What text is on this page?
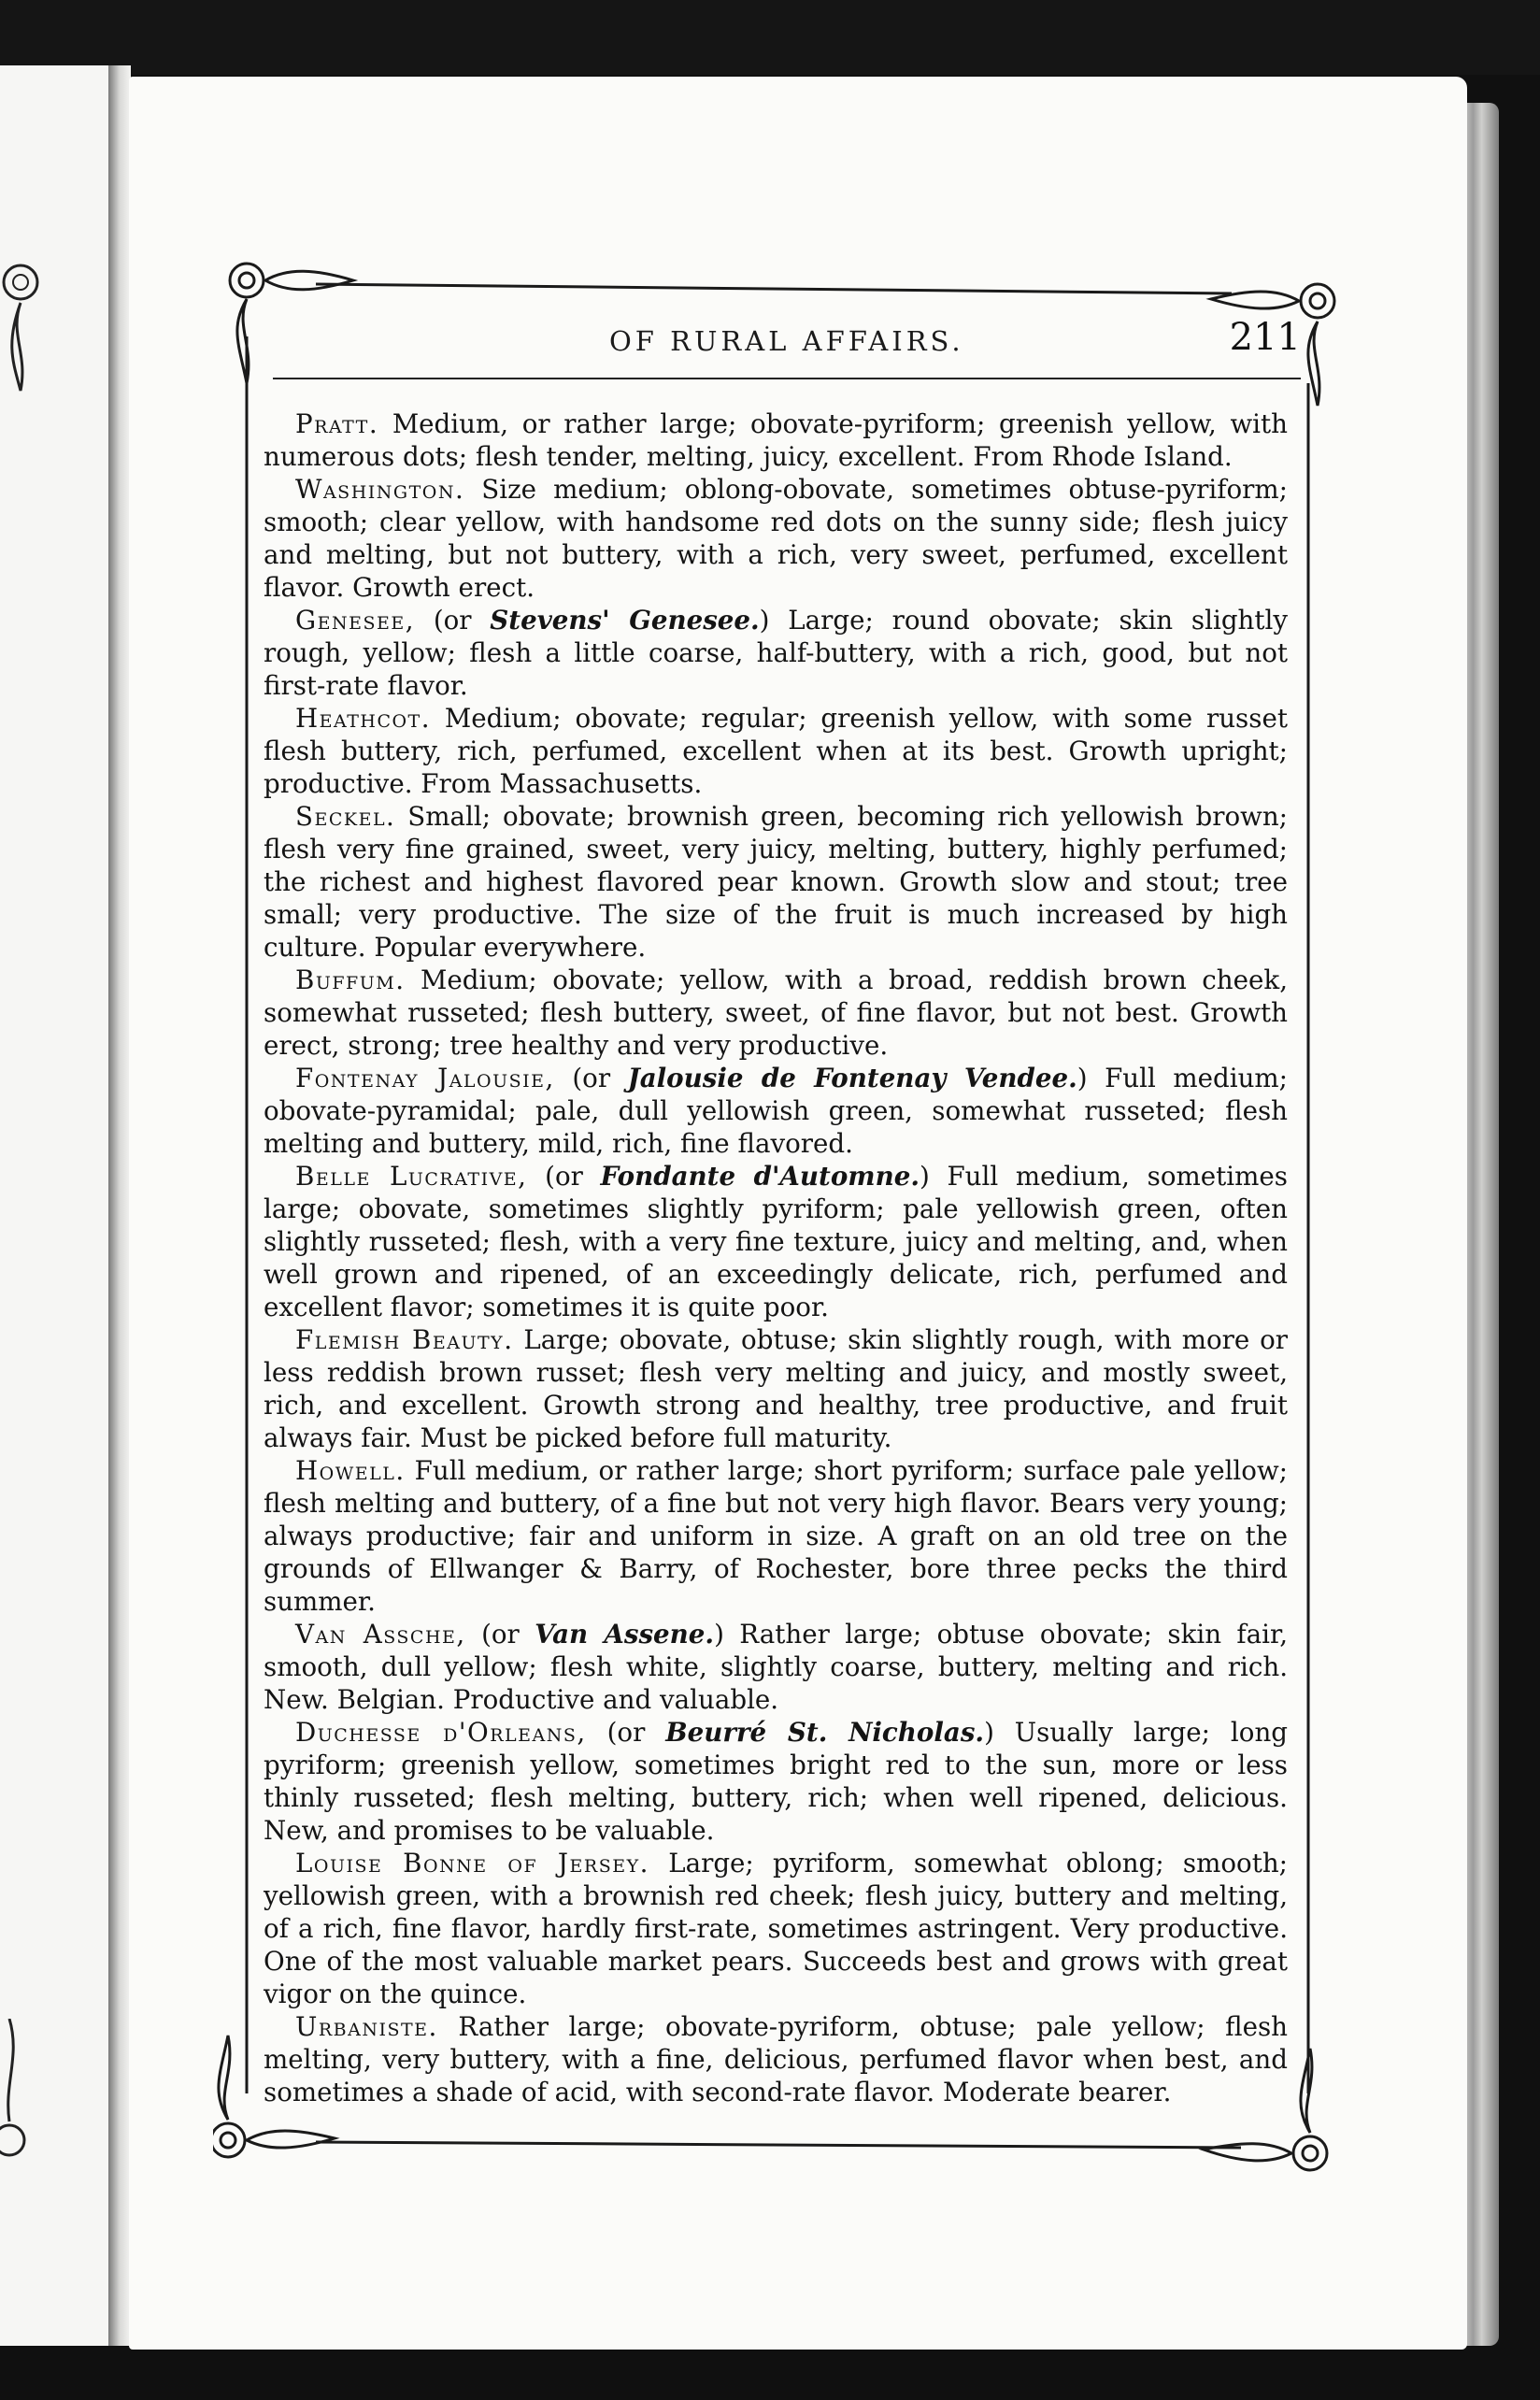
OF RURAL AFFAIRS.	211

Pratt. Medium, or rather large; obovate-pyriform; greenish yellow, with numerous dots; flesh tender, melting, juicy, excellent. From Rhode Island.

Washington. Size medium; oblong-obovate, sometimes obtuse-pyriform; smooth; clear yellow, with handsome red dots on the sunny side; flesh juicy and melting, but not buttery, with a rich, very sweet, perfumed, excellent flavor. Growth erect.

Genesee, (or Stevens' Genesee.) Large; round obovate; skin slightly rough, yellow; flesh a little coarse, half-buttery, with a rich, good, but not first-rate flavor.

Heathcot. Medium; obovate; regular; greenish yellow, with some russet flesh buttery, rich, perfumed, excellent when at its best. Growth upright; productive. From Massachusetts.

Seckel. Small; obovate; brownish green, becoming rich yellowish brown; flesh very fine grained, sweet, very juicy, melting, buttery, highly perfumed; the richest and highest flavored pear known. Growth slow and stout; tree small; very productive. The size of the fruit is much increased by high culture. Popular everywhere.

Buffum. Medium; obovate; yellow, with a broad, reddish brown cheek, somewhat russeted; flesh buttery, sweet, of fine flavor, but not best. Growth erect, strong; tree healthy and very productive.

Fontenay Jalousie, (or Jalousie de Fontenay Vendee.) Full medium; obovate-pyramidal; pale, dull yellowish green, somewhat russeted; flesh melting and buttery, mild, rich, fine flavored.

Belle Lucrative, (or Fondante d'Automne.) Full medium, sometimes large; obovate, sometimes slightly pyriform; pale yellowish green, often slightly russeted; flesh, with a very fine texture, juicy and melting, and, when well grown and ripened, of an exceedingly delicate, rich, perfumed and excellent flavor; sometimes it is quite poor.

Flemish Beauty. Large; obovate, obtuse; skin slightly rough, with more or less reddish brown russet; flesh very melting and juicy, and mostly sweet, rich, and excellent. Growth strong and healthy, tree productive, and fruit always fair. Must be picked before full maturity.

Howell. Full medium, or rather large; short pyriform; surface pale yellow; flesh melting and buttery, of a fine but not very high flavor. Bears very young; always productive; fair and uniform in size. A graft on an old tree on the grounds of Ellwanger & Barry, of Rochester, bore three pecks the third summer.

Van Assche, (or Van Assene.) Rather large; obtuse obovate; skin fair, smooth, dull yellow; flesh white, slightly coarse, buttery, melting and rich. New. Belgian. Productive and valuable.

Duchesse d'Orleans, (or Beurré St. Nicholas.) Usually large; long pyriform; greenish yellow, sometimes bright red to the sun, more or less thinly russeted; flesh melting, buttery, rich; when well ripened, delicious. New, and promises to be valuable.

Louise Bonne of Jersey. Large; pyriform, somewhat oblong; smooth; yellowish green, with a brownish red cheek; flesh juicy, buttery and melting, of a rich, fine flavor, hardly first-rate, sometimes astringent. Very productive. One of the most valuable market pears. Succeeds best and grows with great vigor on the quince.

Urbaniste. Rather large; obovate-pyriform, obtuse; pale yellow; flesh melting, very buttery, with a fine, delicious, perfumed flavor when best, and sometimes a shade of acid, with second-rate flavor. Moderate bearer.
